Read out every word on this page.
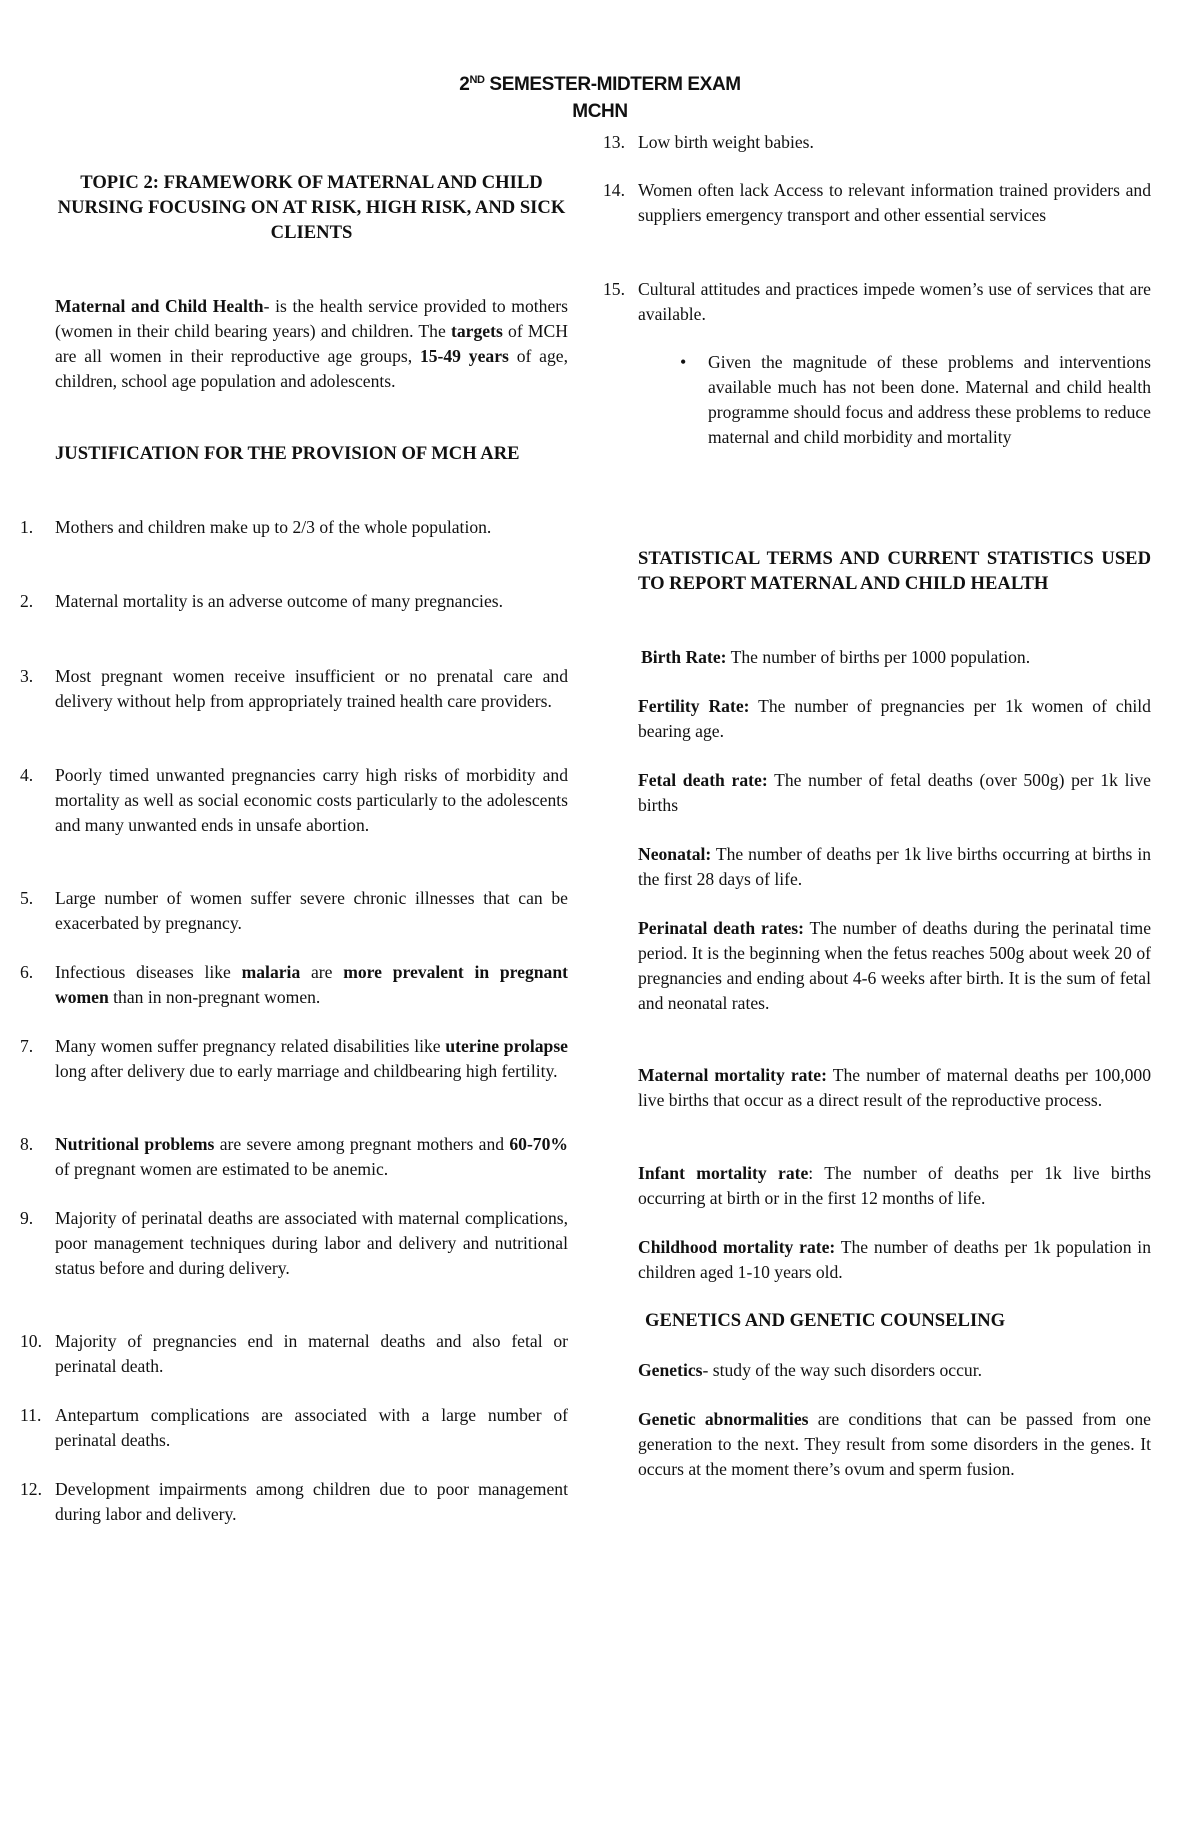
2ND SEMESTER-MIDTERM EXAM
MCHN
TOPIC 2: FRAMEWORK OF MATERNAL AND CHILD NURSING FOCUSING ON AT RISK, HIGH RISK, AND SICK CLIENTS
Maternal and Child Health- is the health service provided to mothers (women in their child bearing years) and children. The targets of MCH are all women in their reproductive age groups, 15-49 years of age, children, school age population and adolescents.
JUSTIFICATION FOR THE PROVISION OF MCH ARE
1.	Mothers and children make up to 2/3 of the whole population.
2.	Maternal mortality is an adverse outcome of many pregnancies.
3.	Most pregnant women receive insufficient or no prenatal care and delivery without help from appropriately trained health care providers.
4.	Poorly timed unwanted pregnancies carry high risks of morbidity and mortality as well as social economic costs particularly to the adolescents and many unwanted ends in unsafe abortion.
5.	Large number of women suffer severe chronic illnesses that can be exacerbated by pregnancy.
6.	Infectious diseases like malaria are more prevalent in pregnant women than in non-pregnant women.
7.	Many women suffer pregnancy related disabilities like uterine prolapse long after delivery due to early marriage and childbearing high fertility.
8.	Nutritional problems are severe among pregnant mothers and 60-70% of pregnant women are estimated to be anemic.
9.	Majority of perinatal deaths are associated with maternal complications, poor management techniques during labor and delivery and nutritional status before and during delivery.
10. Majority of pregnancies end in maternal deaths and also fetal or perinatal death.
11. Antepartum complications are associated with a large number of perinatal deaths.
12. Development impairments among children due to poor management during labor and delivery.
13. Low birth weight babies.
14. Women often lack Access to relevant information trained providers and suppliers emergency transport and other essential services
15. Cultural attitudes and practices impede women’s use of services that are available.
• Given the magnitude of these problems and interventions available much has not been done. Maternal and child health programme should focus and address these problems to reduce maternal and child morbidity and mortality
STATISTICAL TERMS AND CURRENT STATISTICS USED TO REPORT MATERNAL AND CHILD HEALTH
Birth Rate: The number of births per 1000 population.
Fertility Rate: The number of pregnancies per 1k women of child bearing age.
Fetal death rate: The number of fetal deaths (over 500g) per 1k live births
Neonatal: The number of deaths per 1k live births occurring at births in the first 28 days of life.
Perinatal death rates: The number of deaths during the perinatal time period. It is the beginning when the fetus reaches 500g about week 20 of pregnancies and ending about 4-6 weeks after birth. It is the sum of fetal and neonatal rates.
Maternal mortality rate: The number of maternal deaths per 100,000 live births that occur as a direct result of the reproductive process.
Infant mortality rate: The number of deaths per 1k live births occurring at birth or in the first 12 months of life.
Childhood mortality rate: The number of deaths per 1k population in children aged 1-10 years old.
GENETICS AND GENETIC COUNSELING
Genetics- study of the way such disorders occur.
Genetic abnormalities are conditions that can be passed from one generation to the next. They result from some disorders in the genes. It occurs at the moment there’s ovum and sperm fusion.
